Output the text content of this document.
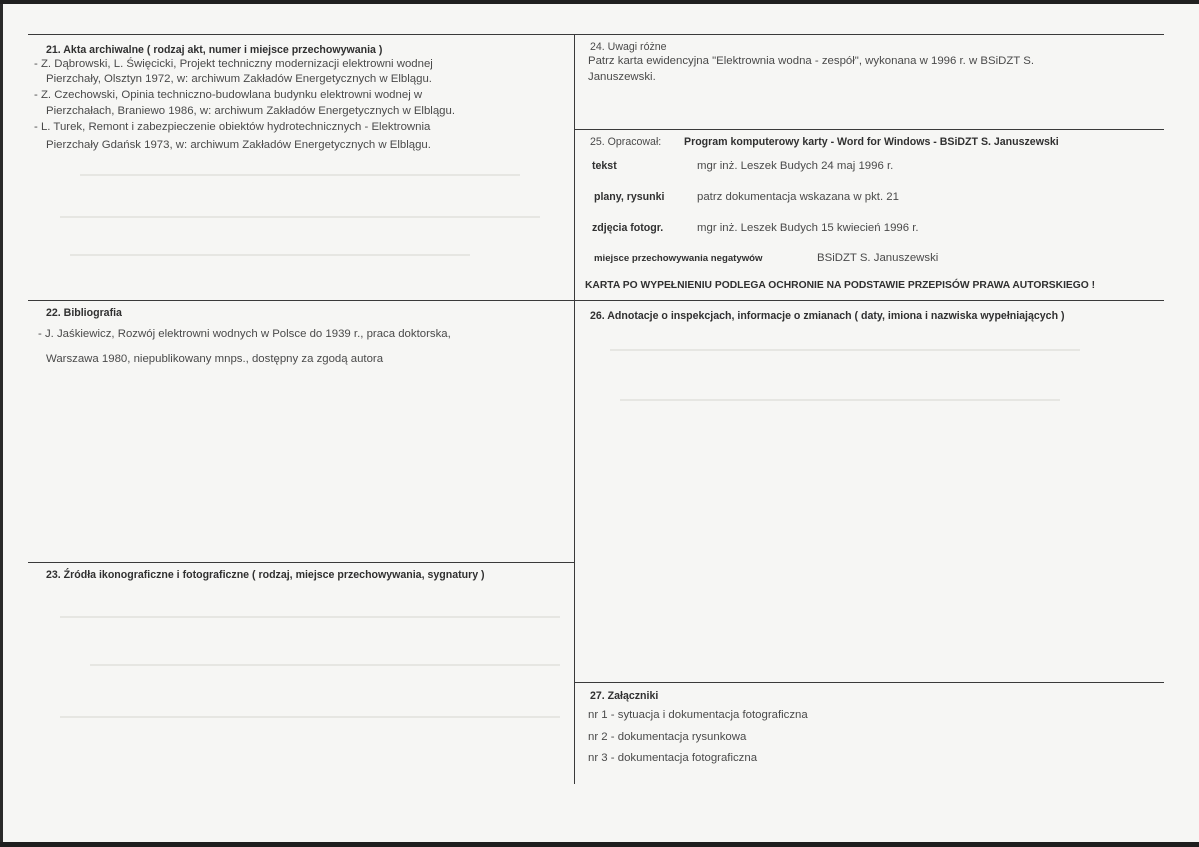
21. Akta archiwalne ( rodzaj akt, numer i miejsce przechowywania )
- Z. Dąbrowski, L. Święcicki, Projekt techniczny modernizacji elektrowni wodnej
Pierzchały, Olsztyn 1972, w: archiwum Zakładów Energetycznych w Elblągu.
- Z. Czechowski, Opinia techniczno-budowlana budynku elektrowni wodnej w
Pierzchałach, Braniewo 1986, w: archiwum Zakładów Energetycznych w Elblągu.
- L. Turek, Remont i zabezpieczenie obiektów hydrotechnicznych - Elektrownia
Pierzchały Gdańsk 1973, w: archiwum Zakładów Energetycznych w Elblągu.
22. Bibliografia
- J. Jaśkiewicz, Rozwój elektrowni wodnych w Polsce do 1939 r., praca doktorska,
Warszawa 1980, niepublikowany mnps., dostępny za zgodą autora
23. Źródła ikonograficzne i fotograficzne ( rodzaj, miejsce przechowywania, sygnatury )
24. Uwagi różne
Patrz karta ewidencyjna "Elektrownia wodna - zespół", wykonana w 1996 r. w BSiDZT S.
Januszewski.
25. Opracował: Program komputerowy karty - Word for Windows - BSiDZT S. Januszewski
tekst	mgr inż. Leszek Budych 24 maj 1996 r.
plany, rysunki	patrz dokumentacja wskazana w pkt. 21
zdjęcia fotogr.	mgr inż. Leszek Budych 15 kwiecień 1996 r.
miejsce przechowywania negatywów	BSiDZT S. Januszewski
KARTA PO WYPEŁNIENIU PODLEGA OCHRONIE NA PODSTAWIE PRZEPISÓW PRAWA AUTORSKIEGO !
26. Adnotacje o inspekcjach, informacje o zmianach ( daty, imiona i nazwiska wypełniających )
27. Załączniki
nr 1 - sytuacja i dokumentacja fotograficzna
nr 2 - dokumentacja rysunkowa
nr 3 - dokumentacja fotograficzna
